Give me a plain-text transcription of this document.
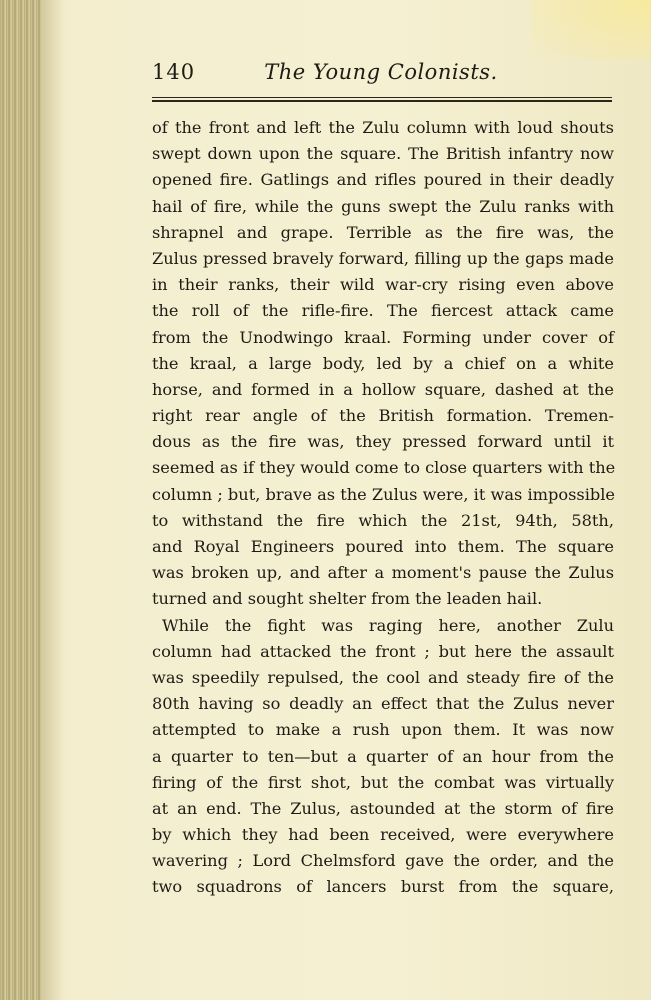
The Young Colonists.
140
of the front and left the Zulu column with loud shouts
swept down upon the square. The British infantry now
opened fire. Gatlings and rifles poured in their deadly
hail of fire, while the guns swept the Zulu ranks with
shrapnel and grape. Terrible as the fire was, the
Zulus pressed bravely forward, filling up the gaps made
in their ranks, their wild war-cry rising even above
the roll of the rifle-fire. The fiercest attack came
from the Unodwingo kraal. Forming under cover of
the kraal, a large body, led by a chief on a white
horse, and formed in a hollow square, dashed at the
right rear angle of the British formation. Tremen-
dous as the fire was, they pressed forward until it
seemed as if they would come to close quarters with the
column ; but, brave as the Zulus were, it was impossible
to withstand the fire which the 21st, 94th, 58th,
and Royal Engineers poured into them. The square
was broken up, and after a moment's pause the Zulus
turned and sought shelter from the leaden hail.
While the fight was raging here, another Zulu
column had attacked the front ; but here the assault
was speedily repulsed, the cool and steady fire of the
80th having so deadly an effect that the Zulus never
attempted to make a rush upon them. It was now
a quarter to ten—but a quarter of an hour from the
firing of the first shot, but the combat was virtually
at an end. The Zulus, astounded at the storm of fire
by which they had been received, were everywhere
wavering ; Lord Chelmsford gave the order, and the
two squadrons of lancers burst from the square,
